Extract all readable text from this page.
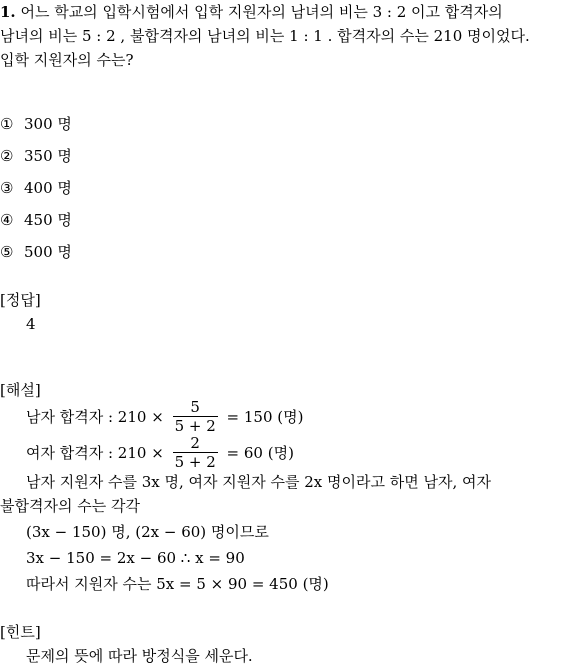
1. 어느 학교의 입학시험에서 입학 지원자의 남녀의 비는 3 : 2 이고 합격자의
남녀의 비는 5 : 2 , 불합격자의 남녀의 비는 1 : 1 . 합격자의 수는 210 명이었다.
입학 지원자의 수는?
① 300 명
② 350 명
③ 400 명
④ 450 명
⑤ 500 명
[정답]
4
[해설]
남자 합격자 : $210 \times \frac{5}{5 + 2} = 150$ (명)
여자 합격자 : $210 \times \frac{2}{5 + 2} = 60$ (명)
남자 지원자 수를 3x 명, 여자 지원자 수를 2x 명이라고 하면 남자, 여자
불합격자의 수는 각각
(3x − 150) 명, (2x − 60) 명이므로
3x − 150 = 2x − 60 ∴ x = 90
따라서 지원자 수는 5x = 5 × 90 = 450 (명)
[힌트]
문제의 뜻에 따라 방정식을 세운다.
